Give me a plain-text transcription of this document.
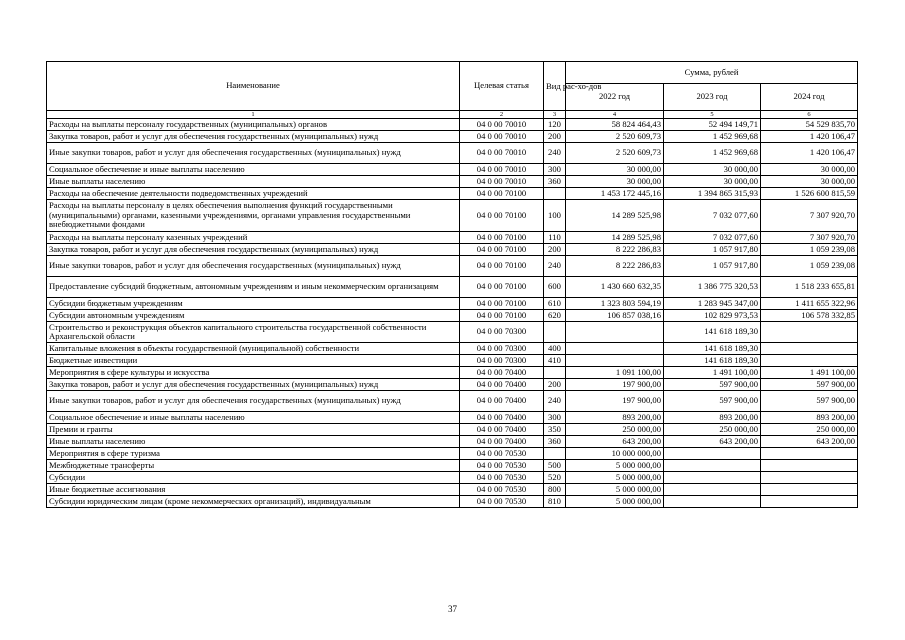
Наименование	Целевая статья	Вид рас-хо-дов	Сумма, рублей		
			2022 год	2023 год	2024 год
1	2	3	4	5	6
Расходы на выплаты персоналу государственных (муниципальных) органов	04 0 00 70010	120	58 824 464,43	52 494 149,71	54 529 835,70
Закупка товаров, работ и услуг для обеспечения государственных (муниципальных) нужд	04 0 00 70010	200	2 520 609,73	1 452 969,68	1 420 106,47
Иные закупки товаров, работ и услуг для обеспечения государственных (муниципальных) нужд	04 0 00 70010	240	2 520 609,73	1 452 969,68	1 420 106,47
Социальное обеспечение и иные выплаты населению	04 0 00 70010	300	30 000,00	30 000,00	30 000,00
Иные выплаты населению	04 0 00 70010	360	30 000,00	30 000,00	30 000,00
Расходы на обеспечение деятельности подведомственных учреждений	04 0 00 70100		1 453 172 445,16	1 394 865 315,93	1 526 600 815,59
Расходы на выплаты персоналу в целях обеспечения выполнения функций государственными (муниципальными) органами, казенными учреждениями, органами управления государственными внебюджетными фондами	04 0 00 70100	100	14 289 525,98	7 032 077,60	7 307 920,70
Расходы на выплаты персоналу казенных учреждений	04 0 00 70100	110	14 289 525,98	7 032 077,60	7 307 920,70
Закупка товаров, работ и услуг для обеспечения государственных (муниципальных) нужд	04 0 00 70100	200	8 222 286,83	1 057 917,80	1 059 239,08
Иные закупки товаров, работ и услуг для обеспечения государственных (муниципальных) нужд	04 0 00 70100	240	8 222 286,83	1 057 917,80	1 059 239,08
Предоставление субсидий бюджетным, автономным учреждениям и иным некоммерческим организациям	04 0 00 70100	600	1 430 660 632,35	1 386 775 320,53	1 518 233 655,81
Субсидии бюджетным учреждениям	04 0 00 70100	610	1 323 803 594,19	1 283 945 347,00	1 411 655 322,96
Субсидии автономным учреждениям	04 0 00 70100	620	106 857 038,16	102 829 973,53	106 578 332,85
Строительство и реконструкция объектов капитального строительства государственной собственности Архангельской области	04 0 00 70300			141 618 189,30	
Капитальные вложения в объекты государственной (муниципальной) собственности	04 0 00 70300	400		141 618 189,30	
Бюджетные инвестиции	04 0 00 70300	410		141 618 189,30	
Мероприятия в сфере культуры и искусства	04 0 00 70400		1 091 100,00	1 491 100,00	1 491 100,00
Закупка товаров, работ и услуг для обеспечения государственных (муниципальных) нужд	04 0 00 70400	200	197 900,00	597 900,00	597 900,00
Иные закупки товаров, работ и услуг для обеспечения государственных (муниципальных) нужд	04 0 00 70400	240	197 900,00	597 900,00	597 900,00
Социальное обеспечение и иные выплаты населению	04 0 00 70400	300	893 200,00	893 200,00	893 200,00
Премии и гранты	04 0 00 70400	350	250 000,00	250 000,00	250 000,00
Иные выплаты населению	04 0 00 70400	360	643 200,00	643 200,00	643 200,00
Мероприятия в сфере туризма	04 0 00 70530		10 000 000,00		
Межбюджетные трансферты	04 0 00 70530	500	5 000 000,00		
Субсидии	04 0 00 70530	520	5 000 000,00		
Иные бюджетные ассигнования	04 0 00 70530	800	5 000 000,00		
Субсидии юридическим лицам (кроме некоммерческих организаций), индивидуальным	04 0 00 70530	810	5 000 000,00		
37
